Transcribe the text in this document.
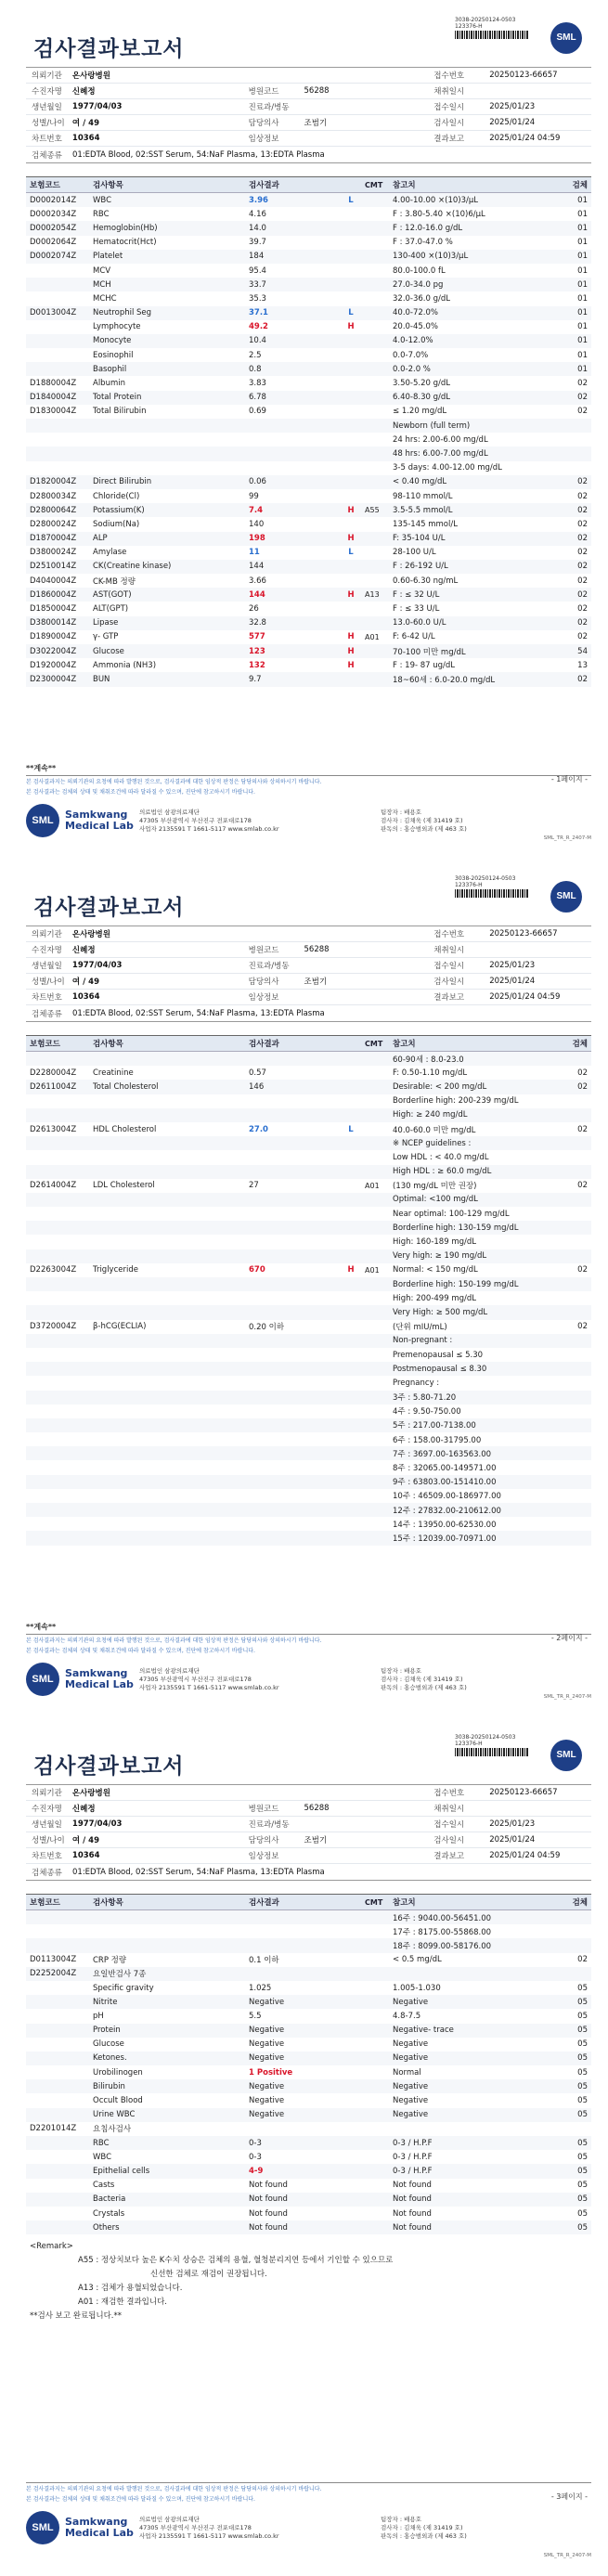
검사결과보고서
3038-20250124-0503
123376-H
SML
의뢰기관	온사랑병원	접수번호	20250123-66657
수진자명	신혜정	병원코드	56288	채취일시
생년월일	1977/04/03	진료과/병동	접수일시	2025/01/23
성별/나이 여 / 49	담당의사	조범기	검사일시	2025/01/24
차트번호	10364	임상정보	결과보고	2025/01/24 04:59
검체종류	01:EDTA Blood, 02:SST Serum, 54:NaF Plasma, 13:EDTA Plasma
보험코드	검사항목	검사결과	CMT	참고치	검체
D0002014Z	WBC	3.96	L	4.00-10.00 ×(10)3/μL	01
D0002034Z	RBC	4.16	F : 3.80-5.40 ×(10)6/μL	01
D0002054Z	Hemoglobin(Hb)	14.0	F : 12.0-16.0 g/dL	01
D0002064Z	Hematocrit(Hct)	39.7	F : 37.0-47.0 %	01
D0002074Z	Platelet	184	130-400 ×(10)3/μL	01
MCV	95.4	80.0-100.0 fL	01
MCH	33.7	27.0-34.0 pg	01
MCHC	35.3	32.0-36.0 g/dL	01
D0013004Z	Neutrophil Seg	37.1	L	40.0-72.0%	01
Lymphocyte	49.2	H	20.0-45.0%	01
Monocyte	10.4	4.0-12.0%	01
Eosinophil	2.5	0.0-7.0%	01
Basophil	0.8	0.0-2.0 %	01
D1880004Z	Albumin	3.83	3.50-5.20 g/dL	02
D1840004Z	Total Protein	6.78	6.40-8.30 g/dL	02
D1830004Z	Total Bilirubin	0.69	≤ 1.20 mg/dL	02
Newborn (full term)
24 hrs: 2.00-6.00 mg/dL
48 hrs: 6.00-7.00 mg/dL
3-5 days: 4.00-12.00 mg/dL
D1820004Z	Direct Bilirubin	0.06	< 0.40 mg/dL	02
D2800034Z	Chloride(Cl)	99	98-110 mmol/L	02
D2800064Z	Potassium(K)	7.4	H	A55	3.5-5.5 mmol/L	02
D2800024Z	Sodium(Na)	140	135-145 mmol/L	02
D1870004Z	ALP	198	H	F: 35-104 U/L	02
D3800024Z	Amylase	11	L	28-100 U/L	02
D2510014Z	CK(Creatine kinase)	144	F : 26-192 U/L	02
D4040004Z	CK-MB 정량	3.66	0.60-6.30 ng/mL	02
D1860004Z	AST(GOT)	144	H	A13	F : ≤ 32 U/L	02
D1850004Z	ALT(GPT)	26	F : ≤ 33 U/L	02
D3800014Z	Lipase	32.8	13.0-60.0 U/L	02
D1890004Z	γ- GTP	577	H	A01	F: 6-42 U/L	02
D3022004Z	Glucose	123	H	70-100 미만 mg/dL	54
D1920004Z	Ammonia (NH3)	132	H	F : 19- 87 ug/dL	13
D2300004Z	BUN	9.7	18~60세 : 6.0-20.0 mg/dL	02
**계속**
- 1페이지 -
본 검사결과지는 의뢰기관의 요청에 따라 발행된 것으로, 검사결과에 대한 임상적 판정은 담당의사와 상의하시기 바랍니다.
본 검사결과는 검체의 상태 및 채취조건에 따라 달라질 수 있으며, 진단에 참고하시기 바랍니다.
SML	Samkwang
Medical Lab
의료법인 삼광의료재단
47305 부산광역시 부산진구 전포대로178
사업자 2135591 T 1661-5117 www.smlab.co.kr
팀장자 : 배용호
검사자 : 김채욱 (제 31419 호)
판독의 : 홍승범외과 (제 463 호)
SML_TR_R_2407-M
검사결과보고서
3038-20250124-0503
123376-H
SML
의뢰기관	온사랑병원	접수번호	20250123-66657
수진자명	신혜정	병원코드	56288	채취일시
생년월일	1977/04/03	진료과/병동	접수일시	2025/01/23
성별/나이 여 / 49	담당의사	조범기	검사일시	2025/01/24
차트번호	10364	임상정보	결과보고	2025/01/24 04:59
검체종류	01:EDTA Blood, 02:SST Serum, 54:NaF Plasma, 13:EDTA Plasma
보험코드	검사항목	검사결과	CMT	참고치	검체
60-90세 : 8.0-23.0
D2280004Z	Creatinine	0.57	F: 0.50-1.10 mg/dL	02
D2611004Z	Total Cholesterol	146	Desirable: < 200 mg/dL	02
Borderline high: 200-239 mg/dL
High: ≥ 240 mg/dL
D2613004Z	HDL Cholesterol	27.0	L	40.0-60.0 미만 mg/dL	02
※ NCEP guidelines :
Low HDL : < 40.0 mg/dL
High HDL : ≥ 60.0 mg/dL
D2614004Z	LDL Cholesterol	27	A01	(130 mg/dL 미만 권장)	02
Optimal: <100 mg/dL
Near optimal: 100-129 mg/dL
Borderline high: 130-159 mg/dL
High: 160-189 mg/dL
Very high: ≥ 190 mg/dL
D2263004Z	Triglyceride	670	H	A01	Normal: < 150 mg/dL	02
Borderline high: 150-199 mg/dL
High: 200-499 mg/dL
Very High: ≥ 500 mg/dL
D3720004Z	β-hCG(ECLIA)	0.20 이하	(단위 mIU/mL)	02
Non-pregnant :
Premenopausal ≤ 5.30
Postmenopausal ≤ 8.30
Pregnancy :
3주 : 5.80-71.20
4주 : 9.50-750.00
5주 : 217.00-7138.00
6주 : 158.00-31795.00
7주 : 3697.00-163563.00
8주 : 32065.00-149571.00
9주 : 63803.00-151410.00
10주 : 46509.00-186977.00
12주 : 27832.00-210612.00
14주 : 13950.00-62530.00
15주 : 12039.00-70971.00
**계속**
- 2페이지 -
본 검사결과지는 의뢰기관의 요청에 따라 발행된 것으로, 검사결과에 대한 임상적 판정은 담당의사와 상의하시기 바랍니다.
본 검사결과는 검체의 상태 및 채취조건에 따라 달라질 수 있으며, 진단에 참고하시기 바랍니다.
SML	Samkwang
Medical Lab
의료법인 삼광의료재단
47305 부산광역시 부산진구 전포대로178
사업자 2135591 T 1661-5117 www.smlab.co.kr
팀장자 : 배용호
검사자 : 김채욱 (제 31419 호)
판독의 : 홍승범외과 (제 463 호)
SML_TR_R_2407-M
검사결과보고서
3038-20250124-0503
123376-H
SML
의뢰기관	온사랑병원	접수번호	20250123-66657
수진자명	신혜정	병원코드	56288	채취일시
생년월일	1977/04/03	진료과/병동	접수일시	2025/01/23
성별/나이 여 / 49	담당의사	조범기	검사일시	2025/01/24
차트번호	10364	임상정보	결과보고	2025/01/24 04:59
검체종류	01:EDTA Blood, 02:SST Serum, 54:NaF Plasma, 13:EDTA Plasma
보험코드	검사항목	검사결과	CMT	참고치	검체
16주 : 9040.00-56451.00
17주 : 8175.00-55868.00
18주 : 8099.00-58176.00
D0113004Z	CRP 정량	0.1 이하	< 0.5 mg/dL	02
D2252004Z	요일반검사 7종
Specific gravity	1.025	1.005-1.030	05
Nitrite	Negative	Negative	05
pH	5.5	4.8-7.5	05
Protein	Negative	Negative- trace	05
Glucose	Negative	Negative	05
Ketones.	Negative	Negative	05
Urobilinogen	1 Positive	Normal	05
Bilirubin	Negative	Negative	05
Occult Blood	Negative	Negative	05
Urine WBC	Negative	Negative	05
D2201014Z	요침사검사
RBC	0-3	0-3 / H.P.F	05
WBC	0-3	0-3 / H.P.F	05
Epithelial cells	4-9	0-3 / H.P.F	05
Casts	Not found	Not found	05
Bacteria	Not found	Not found	05
Crystals	Not found	Not found	05
Others	Not found	Not found	05
<Remark>
A55 : 정상치보다 높은 K수치 상승은 검체의 용혈, 혈청분리지연 등에서 기인할 수 있으므로
신선한 검체로 재검이 권장됩니다.
A13 : 검체가 용혈되었습니다.
A01 : 재검한 결과입니다.
**검사 보고 완료됩니다.**
- 3페이지 -
본 검사결과지는 의뢰기관의 요청에 따라 발행된 것으로, 검사결과에 대한 임상적 판정은 담당의사와 상의하시기 바랍니다.
본 검사결과는 검체의 상태 및 채취조건에 따라 달라질 수 있으며, 진단에 참고하시기 바랍니다.
SML	Samkwang
Medical Lab
의료법인 삼광의료재단
47305 부산광역시 부산진구 전포대로178
사업자 2135591 T 1661-5117 www.smlab.co.kr
팀장자 : 배용호
검사자 : 김채욱 (제 31419 호)
판독의 : 홍승범외과 (제 463 호)
SML_TR_R_2407-M
